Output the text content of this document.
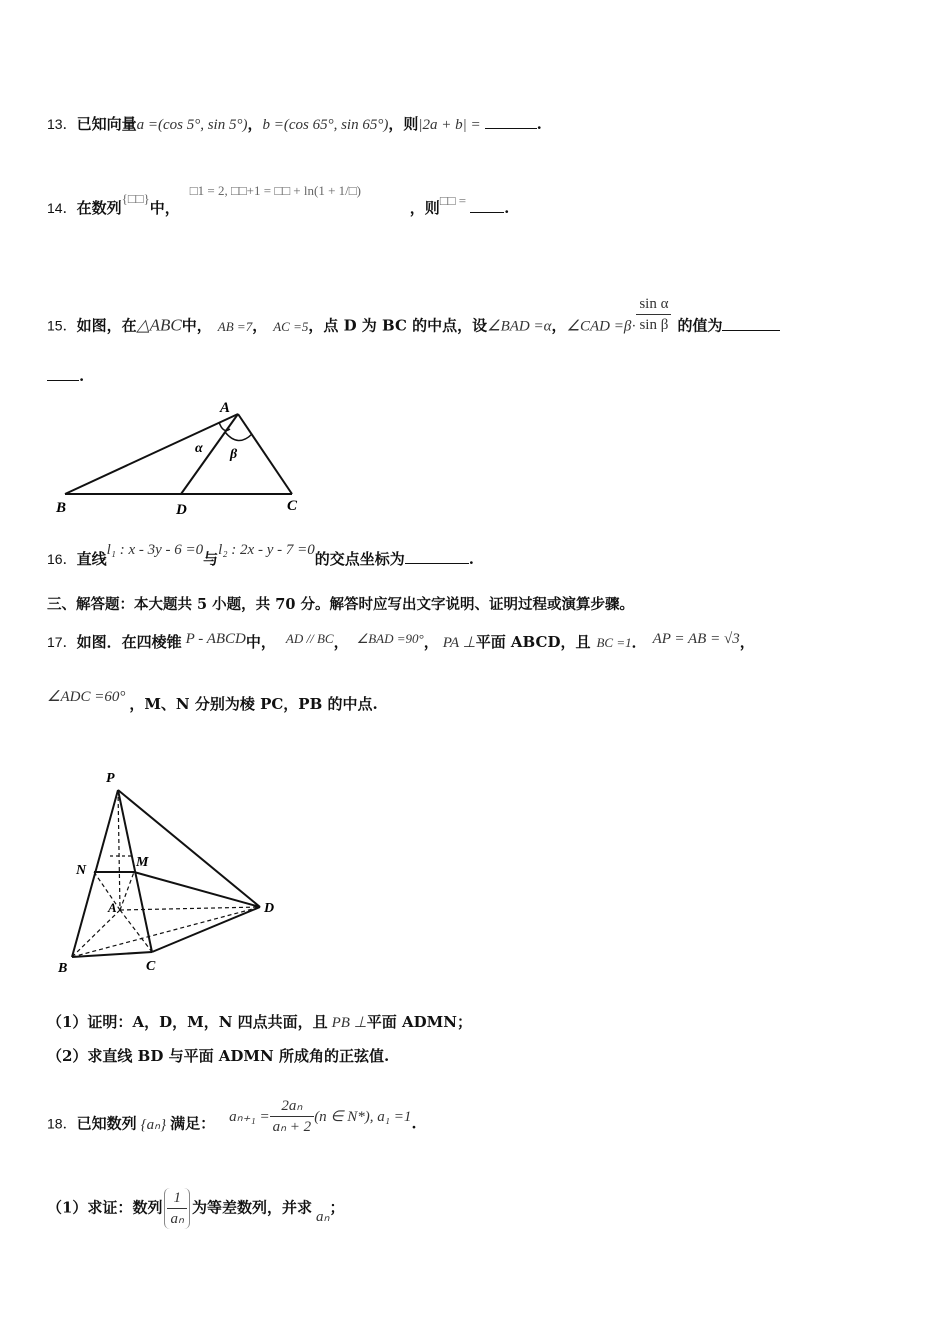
13．已知向量a =(cos 5°, sin 5°)，b =(cos 65°, sin 65°)，则|2a + b| =	.
14．在数列{□□}中，□1 = 2, □□+1 = □□ + ln(1 + 1/□)，则□□ =	.
15．如图，在△ABC中， AB =7， AC =5，点 D 为 BC 的中点，设∠BAD =α，∠CAD $=\beta\cdot \frac{\text{sin α}}{\text{sin β}}$ 的值为
.
A
B	C
D
α β
16．直线l₁ : x - 3y - 6 =0与l₂ : 2x - y - 7 =0的交点坐标为	.
三、解答题：本大题共 5 小题，共 70 分。解答时应写出文字说明、证明过程或演算步骤。
17．如图．在四棱锥 P - ABCD中， AD // BC， ∠BAD =90°， PA ⊥平面 ABCD，且 BC =1． AP = AB = √3，
∠ADC =60° ，M、N 分别为棱 PC，PB 的中点.
P
N
M
A	D
B	C
（1）证明：A，D，M，N 四点共面，且 PB ⊥平面 ADMN；
（2）求直线 BD 与平面 ADMN 所成角的正弦值.
18．已知数列 {aₙ} 满足： $a_{n+1} = \frac{\text{2aₙ}}{\text{aₙ + 2}} (n$ ∈ N*), a₁ =1.
（1）求证：数列 $\frac{1}{\text{aₙ}}$ 为等差数列，并求 aₙ；
